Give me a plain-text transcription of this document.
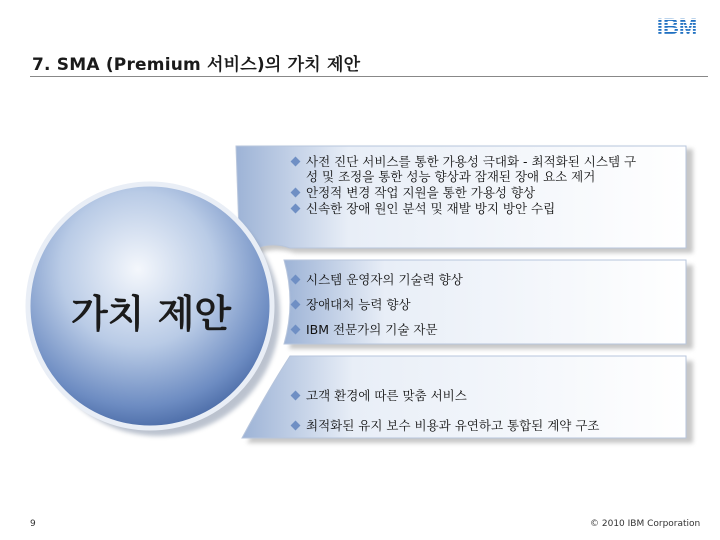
IBM
7. SMA (Premium 서비스)의 가치 제안
가치 제안
사전 진단 서비스를 통한 가용성 극대화 - 최적화된 시스템 구성 및 조정을 통한 성능 향상과 잠재된 장애 요소 제거
안정적 변경 작업 지원을 통한 가용성 향상
신속한 장애 원인 분석 및 재발 방지 방안 수립
시스템 운영자의 기술력 향상
장애대처 능력 향상
IBM 전문가의 기술 자문
고객 환경에 따른 맞춤 서비스
최적화된 유지 보수 비용과 유연하고 통합된 계약 구조
9	© 2010 IBM Corporation
